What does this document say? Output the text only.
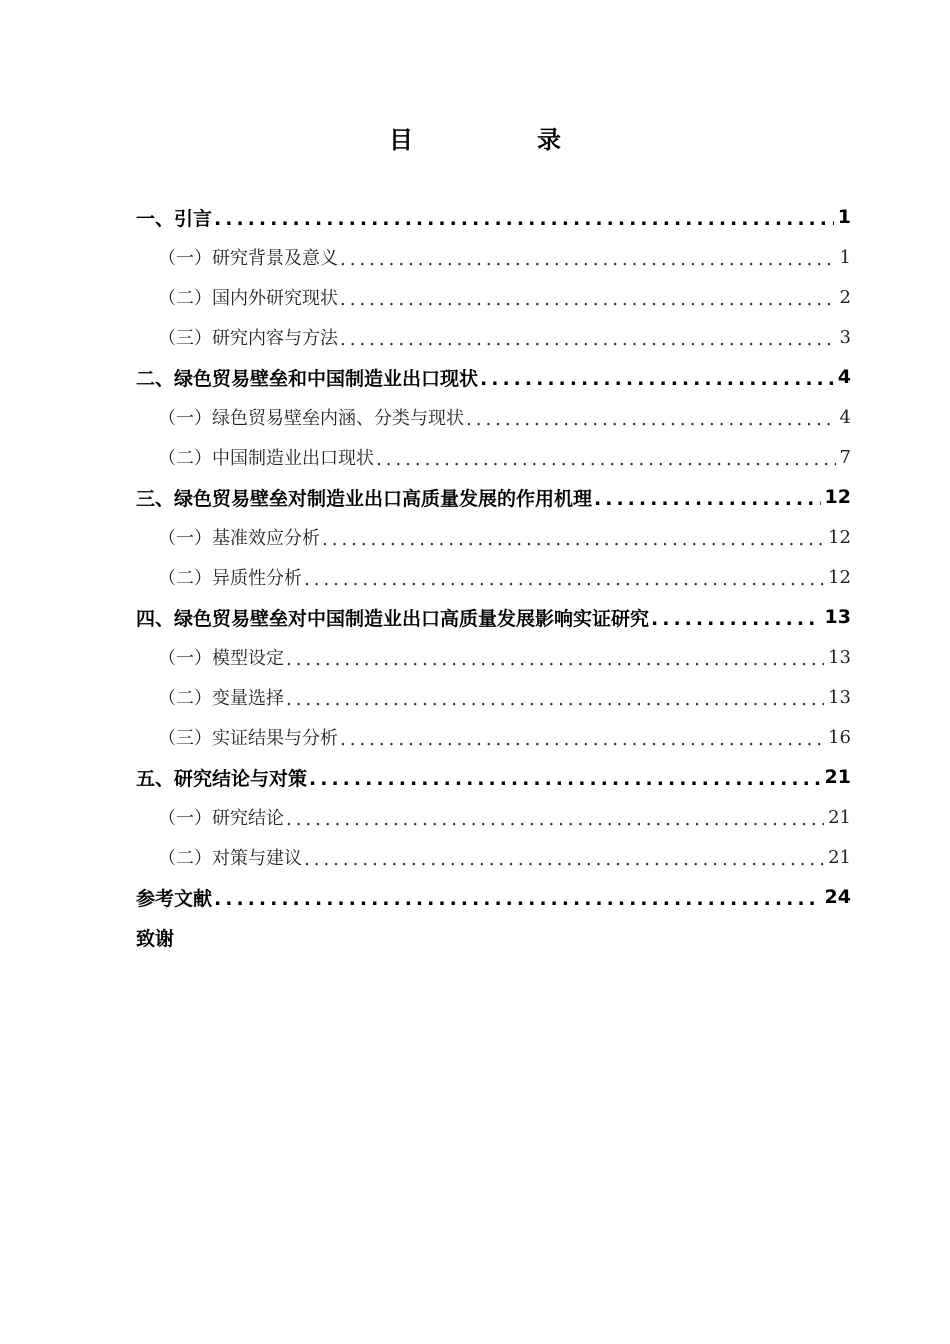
目　录
一、引言 .....	1
（一）研究背景及意义 .....	1
（二）国内外研究现状 .....	2
（三）研究内容与方法 .....	3
二、绿色贸易壁垒和中国制造业出口现状 .....	4
（一）绿色贸易壁垒内涵、分类与现状 .....	4
（二）中国制造业出口现状 .....	7
三、绿色贸易壁垒对制造业出口高质量发展的作用机理 .....	12
（一）基准效应分析 .....	12
（二）异质性分析 .....	12
四、绿色贸易壁垒对中国制造业出口高质量发展影响实证研究 .....	13
（一）模型设定 .....	13
（二）变量选择 .....	13
（三）实证结果与分析 .....	16
五、研究结论与对策 .....	21
（一）研究结论 .....	21
（二）对策与建议 .....	21
参考文献 .....	24
致谢
